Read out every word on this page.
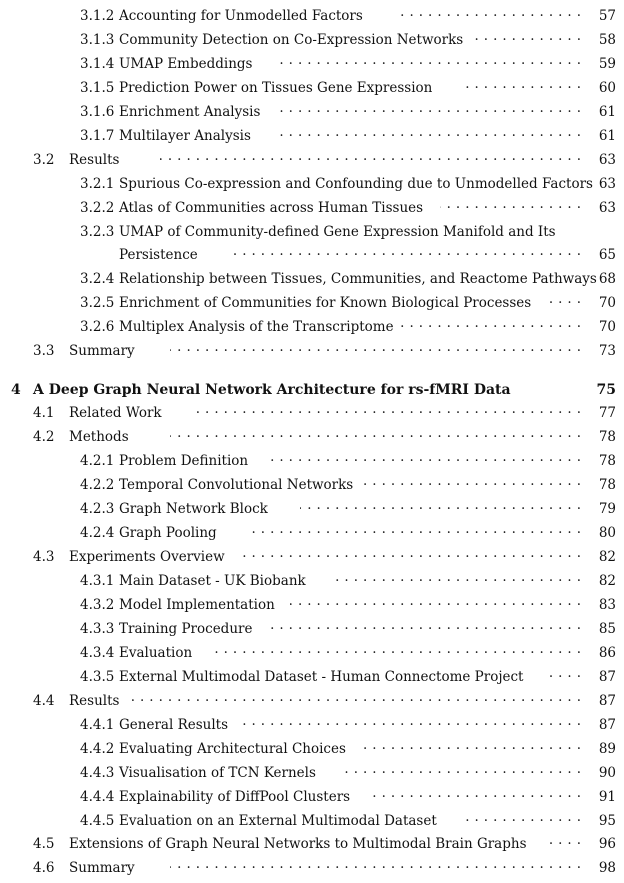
3.1.2 ····· Accounting for Unmodelled Factors	57
3.1.3 ····· Community Detection on Co-Expression Networks	58
3.1.4 ····· UMAP Embeddings	59
3.1.5 ····· Prediction Power on Tissues Gene Expression	60
3.1.6 ····· Enrichment Analysis	61
3.1.7 ····· Multilayer Analysis	61
3.2 ····· Results	63
3.2.1 Spurious Co-expression and Confounding due to Unmodelled Factors 63
3.2.2 ····· Atlas of Communities across Human Tissues	63
3.2.3 UMAP of Community-defined Gene Expression Manifold and Its
·····
Persistence	65
3.2.4 Relationship between Tissues, Communities, and Reactome Pathways 68
3.2.5 ····· Enrichment of Communities for Known Biological Processes	70
3.2.6 ····· Multiplex Analysis of the Transcriptome	70
3.3 ····· Summary	73
4 A Deep Graph Neural Network Architecture for rs-fMRI Data	75
4.1 ····· Related Work	77
4.2 ····· Methods	78
4.2.1 ····· Problem Definition	78
4.2.2 ····· Temporal Convolutional Networks	78
4.2.3 ····· Graph Network Block	79
4.2.4 ····· Graph Pooling	80
4.3 ····· Experiments Overview	82
4.3.1 ····· Main Dataset - UK Biobank	82
4.3.2 ····· Model Implementation	83
4.3.3 ····· Training Procedure	85
4.3.4 ····· Evaluation	86
4.3.5 ····· External Multimodal Dataset - Human Connectome Project	87
4.4 ····· Results	87
4.4.1 ····· General Results	87
4.4.2 ····· Evaluating Architectural Choices	89
4.4.3 ····· Visualisation of TCN Kernels	90
4.4.4 ····· Explainability of DiffPool Clusters	91
4.4.5 ····· Evaluation on an External Multimodal Dataset	95
4.5 ····· Extensions of Graph Neural Networks to Multimodal Brain Graphs	96
4.6 ····· Summary	98
